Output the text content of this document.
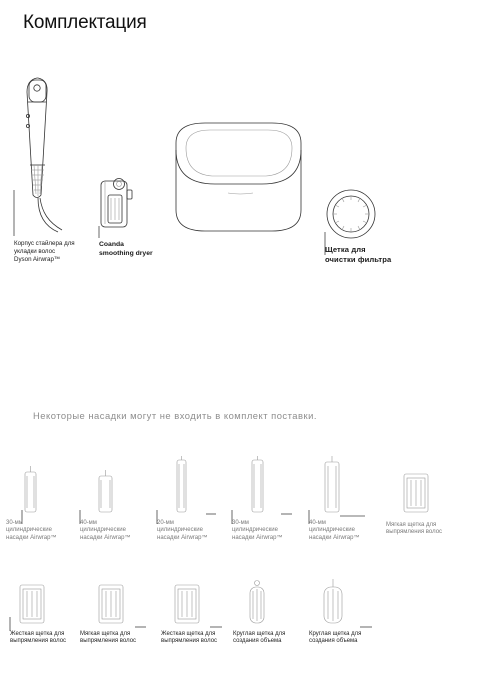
Комплектация
Корпус стайлера для
укладки волос
Dyson Airwrap™
Coanda
smoothing dryer	Щетка для
очистки фильтра
Некоторые насадки могут не входить в комплект поставки.
30-мм
цилиндрические
насадки Airwrap™
40-мм
цилиндрические
насадки Airwrap™
20-мм
цилиндрические
насадки Airwrap™
30-мм
цилиндрические
насадки Airwrap™
40-мм
цилиндрические
насадки Airwrap™
Мягкая щетка для
выпрямления волос
Жесткая щетка для
выпрямления волос
Мягкая щетка для
выпрямления волос
Жесткая щетка для
выпрямления волос
Круглая щетка для
создания объема
Круглая щетка для
создания объема
